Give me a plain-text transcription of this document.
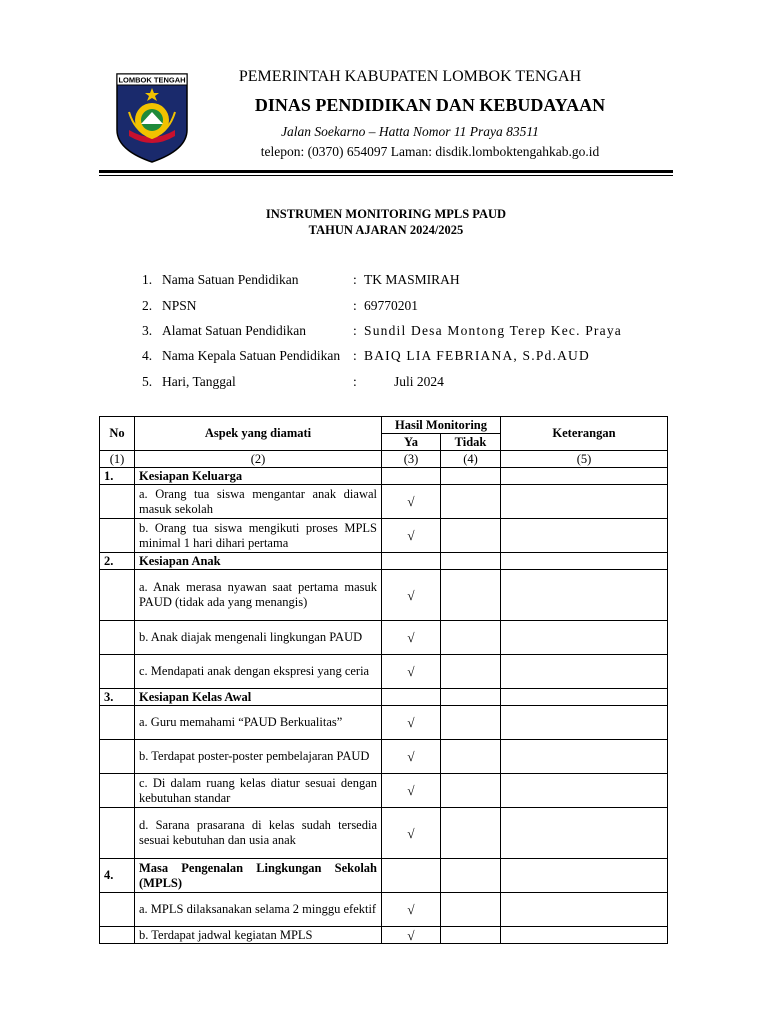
LOMBOK TENGAH	PEMERINTAH KABUPATEN LOMBOK TENGAH
DINAS PENDIDIKAN DAN KEBUDAYAAN
Jalan Soekarno – Hatta Nomor 11 Praya 83511
telepon: (0370) 654097 Laman: disdik.lomboktengahkab.go.id
INSTRUMEN MONITORING MPLS PAUD
TAHUN AJARAN 2024/2025
1. Nama Satuan Pendidikan	: TK MASMIRAH
2. NPSN	: 69770201
3. Alamat Satuan Pendidikan	: Sundil Desa Montong Terep Kec. Praya
4. Nama Kepala Satuan Pendidikan : BAIQ LIA FEBRIANA, S.Pd.AUD
5. Hari, Tanggal	:	Juli 2024
No	Aspek yang diamati	Hasil Monitoring		Keterangan
		Ya	Tidak	
(1)	(2)	(3)	(4)	(5)
1.	Kesiapan Keluarga			
	a. Orang tua siswa mengantar anak diawal masuk sekolah	√		
	b. Orang tua siswa mengikuti proses MPLS minimal 1 hari dihari pertama	√		
2.	Kesiapan Anak			
	a. Anak merasa nyawan saat pertama masuk PAUD (tidak ada yang menangis)	√		
	b. Anak diajak mengenali lingkungan PAUD	√		
	c. Mendapati anak dengan ekspresi yang ceria	√		
3.	Kesiapan Kelas Awal			
	a. Guru memahami “PAUD Berkualitas”	√		
	b. Terdapat poster-poster pembelajaran PAUD	√		
	c. Di dalam ruang kelas diatur sesuai dengan kebutuhan standar	√		
	d. Sarana prasarana di kelas sudah tersedia sesuai kebutuhan dan usia anak	√		
4.	Masa Pengenalan Lingkungan Sekolah (MPLS)			
	a. MPLS dilaksanakan selama 2 minggu efektif	√		
	b. Terdapat jadwal kegiatan MPLS	√		
